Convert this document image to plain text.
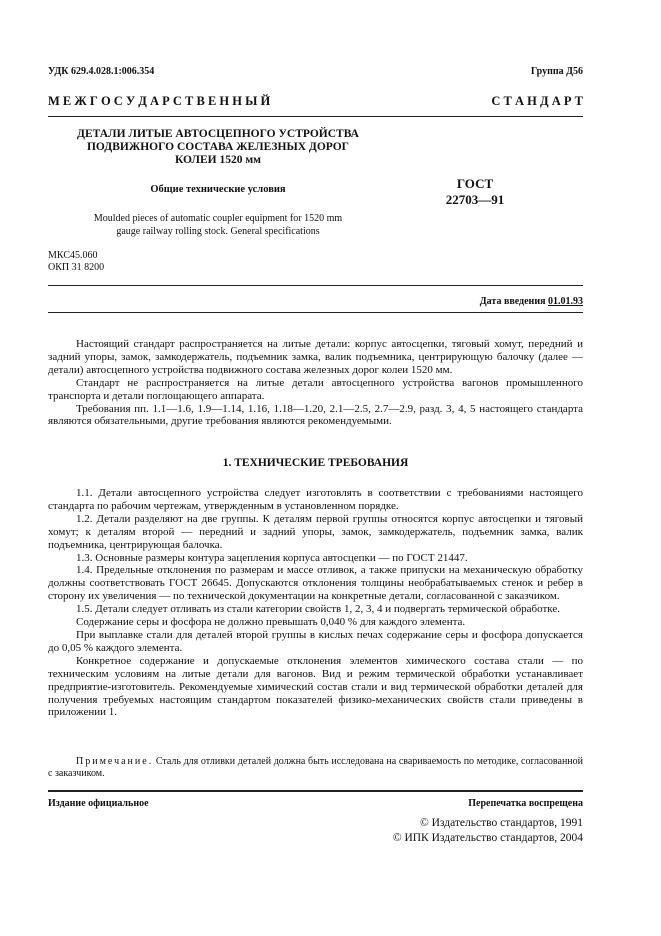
УДК 629.4.028.1:006.354	Группа Д56
М Е Ж Г О С У Д А Р С Т В Е Н Н Ы Й	С Т А Н Д А Р Т
ДЕТАЛИ ЛИТЫЕ АВТОСЦЕПНОГО УСТРОЙСТВА
ПОДВИЖНОГО СОСТАВА ЖЕЛЕЗНЫХ ДОРОГ
КОЛЕИ 1520 мм
Общие технические условия	ГОСТ
22703—91
Moulded pieces of automatic coupler equipment for 1520 mm
gauge railway rolling stock. General specifications
МКС45.060
ОКП 31 8200
Дата введения 01.01.93

Настоящий стандарт распространяется на литые детали: корпус автосцепки, тяговый хомут, передний и задний упоры, замок, замкодержатель, подъемник замка, валик подъемника, центрирующую балочку (далее — детали) автосцепного устройства подвижного состава железных дорог колеи 1520 мм.

Стандарт не распространяется на литые детали автосцепного устройства вагонов промышленного транспорта и детали поглощающего аппарата.

Требования пп. 1.1—1.6, 1.9—1.14, 1.16, 1.18—1.20, 2.1—2.5, 2.7—2.9, разд. 3, 4, 5 настоящего стандарта являются обязательными, другие требования являются рекомендуемыми.

1. ТЕХНИЧЕСКИЕ ТРЕБОВАНИЯ

1.1. Детали автосцепного устройства следует изготовлять в соответствии с требованиями настоящего стандарта по рабочим чертежам, утвержденным в установленном порядке.

1.2. Детали разделяют на две группы. К деталям первой группы относятся корпус автосцепки и тяговый хомут; к деталям второй — передний и задний упоры, замок, замкодержатель, подъемник замка, валик подъемника, центрирующая балочка.

1.3. Основные размеры контура зацепления корпуса автосцепки — по ГОСТ 21447.

1.4. Предельные отклонения по размерам и массе отливок, а также припуски на механическую обработку должны соответствовать ГОСТ 26645. Допускаются отклонения толщины необрабатываемых стенок и ребер в сторону их увеличения — по технической документации на конкретные детали, согласованной с заказчиком.

1.5. Детали следует отливать из стали категории свойств 1, 2, 3, 4 и подвергать термической обработке.

Содержание серы и фосфора не должно превышать 0,040 % для каждого элемента.

При выплавке стали для деталей второй группы в кислых печах содержание серы и фосфора допускается до 0,05 % каждого элемента.

Конкретное содержание и допускаемые отклонения элементов химического состава стали — по техническим условиям на литые детали для вагонов. Вид и режим термической обработки устанавливает предприятие-изготовитель. Рекомендуемые химический состав стали и вид термической обработки деталей для получения требуемых настоящим стандартом показателей физико-механических свойств стали приведены в приложении 1.

Примечание. Сталь для отливки деталей должна быть исследована на свариваемость по методике, согласованной с заказчиком.
Издание официальное	Перепечатка воспрещена
© Издательство стандартов, 1991
© ИПК Издательство стандартов, 2004
